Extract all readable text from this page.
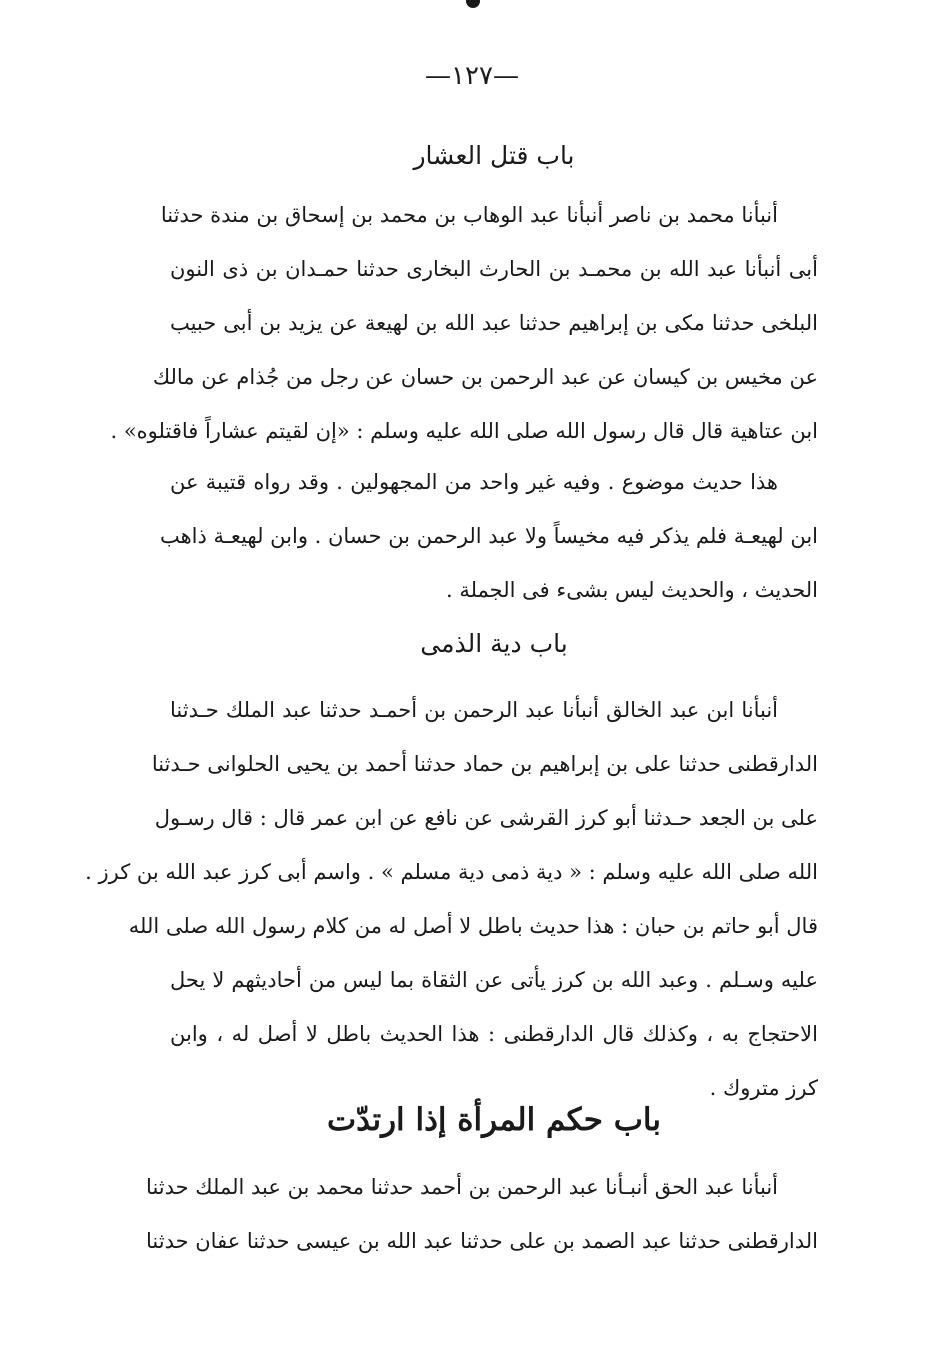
—١٢٧—
باب قتل العشار
أنبأنا محمد بن ناصر أنبأنا عبد الوهاب بن محمد بن إسحاق بن مندة حدثنا
أبى أنبأنا عبد الله بن محمـد بن الحارث البخارى حدثنا حمـدان بن ذى النون
البلخى حدثنا مكى بن إبراهيم حدثنا عبد الله بن لهيعة عن يزيد بن أبى حبيب
عن مخيس بن كيسان عن عبد الرحمن بن حسان عن رجل من جُذام عن مالك
ابن عتاهية قال قال رسول الله صلى الله عليه وسلم : «إن لقيتم عشاراً فاقتلوه» .
هذا حديث موضوع . وفيه غير واحد من المجهولين . وقد رواه قتيبة عن
ابن لهيعـة فلم يذكر فيه مخيساً ولا عبد الرحمن بن حسان . وابن لهيعـة ذاهب
الحديث ، والحديث ليس بشىء فى الجملة .
باب دية الذمى
أنبأنا ابن عبد الخالق أنبأنا عبد الرحمن بن أحمـد حدثنا عبد الملك حـدثنا
الدارقطنى حدثنا على بن إبراهيم بن حماد حدثنا أحمد بن يحيى الحلوانى حـدثنا
على بن الجعد حـدثنا أبو كرز القرشى عن نافع عن ابن عمر قال : قال رسـول
الله صلى الله عليه وسلم : « دية ذمى دية مسلم » . واسم أبى كرز عبد الله بن كرز .
قال أبو حاتم بن حبان : هذا حديث باطل لا أصل له من كلام رسول الله صلى الله
عليه وسـلم . وعبد الله بن كرز يأتى عن الثقاة بما ليس من أحاديثهم لا يحل
الاحتجاج به ، وكذلك قال الدارقطنى : هذا الحديث باطل لا أصل له ، وابن
كرز متروك .
باب حكم المرأة إذا ارتدّت
أنبأنا عبد الحق أنبـأنا عبد الرحمن بن أحمد حدثنا محمد بن عبد الملك حدثنا
الدارقطنى حدثنا عبد الصمد بن على حدثنا عبد الله بن عيسى حدثنا عفان حدثنا
